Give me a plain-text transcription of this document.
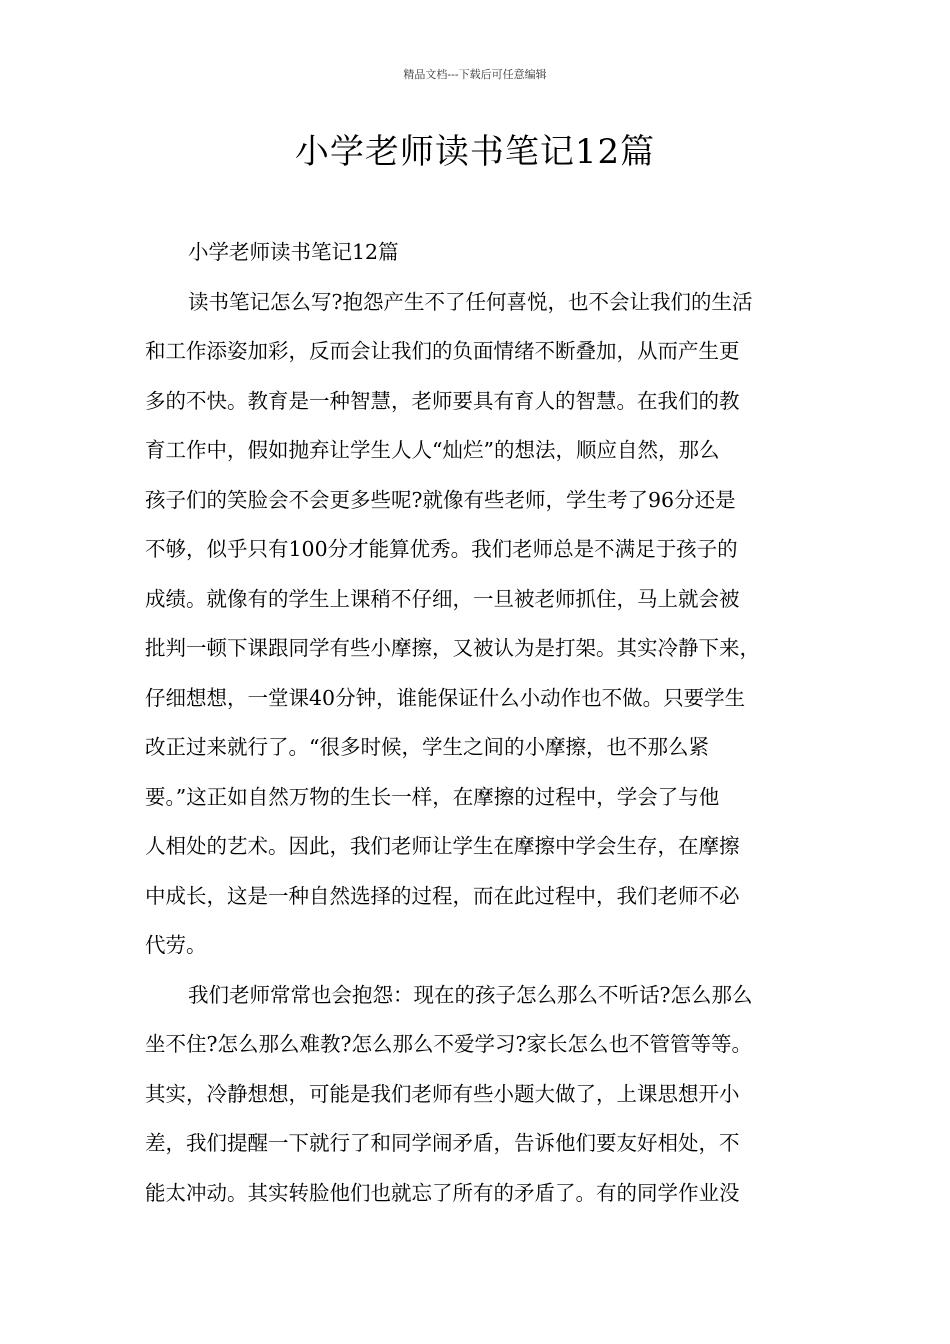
精品文档---下载后可任意编辑
小学老师读书笔记12篇
小学老师读书笔记12篇
读书笔记怎么写?抱怨产生不了任何喜悦，也不会让我们的生活
和工作添姿加彩，反而会让我们的负面情绪不断叠加，从而产生更
多的不快。教育是一种智慧，老师要具有育人的智慧。在我们的教
育工作中，假如抛弃让学生人人“灿烂”的想法，顺应自然，那么
孩子们的笑脸会不会更多些呢?就像有些老师，学生考了96分还是
不够，似乎只有100分才能算优秀。我们老师总是不满足于孩子的
成绩。就像有的学生上课稍不仔细，一旦被老师抓住，马上就会被
批判一顿下课跟同学有些小摩擦，又被认为是打架。其实冷静下来，
仔细想想，一堂课40分钟，谁能保证什么小动作也不做。只要学生
改正过来就行了。“很多时候，学生之间的小摩擦，也不那么紧
要。”这正如自然万物的生长一样，在摩擦的过程中，学会了与他
人相处的艺术。因此，我们老师让学生在摩擦中学会生存，在摩擦
中成长，这是一种自然选择的过程，而在此过程中，我们老师不必
代劳。
我们老师常常也会抱怨：现在的孩子怎么那么不听话?怎么那么
坐不住?怎么那么难教?怎么那么不爱学习?家长怎么也不管管等等。
其实，冷静想想，可能是我们老师有些小题大做了，上课思想开小
差，我们提醒一下就行了和同学闹矛盾，告诉他们要友好相处，不
能太冲动。其实转脸他们也就忘了所有的矛盾了。有的同学作业没
